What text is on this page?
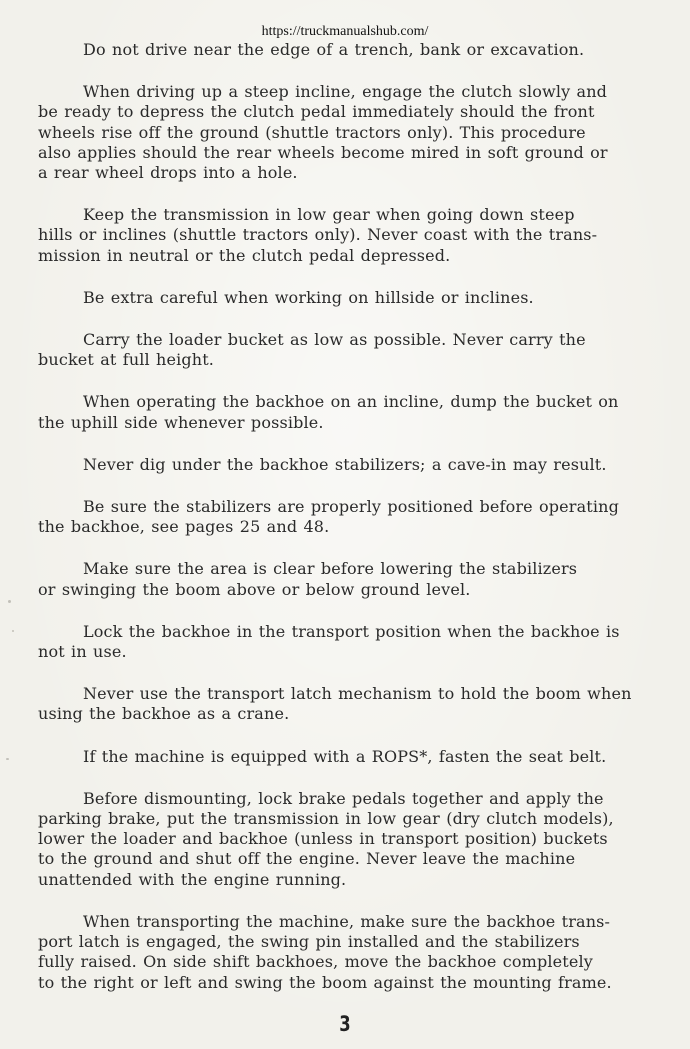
https://truckmanualshub.com/

Do not drive near the edge of a trench, bank or excavation.

When driving up a steep incline, engage the clutch slowly and
be ready to depress the clutch pedal immediately should the front
wheels rise off the ground (shuttle tractors only). This procedure
also applies should the rear wheels become mired in soft ground or
a rear wheel drops into a hole.

Keep the transmission in low gear when going down steep
hills or inclines (shuttle tractors only). Never coast with the trans-
mission in neutral or the clutch pedal depressed.

Be extra careful when working on hillside or inclines.

Carry the loader bucket as low as possible. Never carry the
bucket at full height.

When operating the backhoe on an incline, dump the bucket on
the uphill side whenever possible.

Never dig under the backhoe stabilizers; a cave-in may result.

Be sure the stabilizers are properly positioned before operating
the backhoe, see pages 25 and 48.

Make sure the area is clear before lowering the stabilizers
or swinging the boom above or below ground level.

Lock the backhoe in the transport position when the backhoe is
not in use.

Never use the transport latch mechanism to hold the boom when
using the backhoe as a crane.

If the machine is equipped with a ROPS*, fasten the seat belt.

Before dismounting, lock brake pedals together and apply the
parking brake, put the transmission in low gear (dry clutch models),
lower the loader and backhoe (unless in transport position) buckets
to the ground and shut off the engine. Never leave the machine
unattended with the engine running.

When transporting the machine, make sure the backhoe trans-
port latch is engaged, the swing pin installed and the stabilizers
fully raised. On side shift backhoes, move the backhoe completely
to the right or left and swing the boom against the mounting frame.

3
